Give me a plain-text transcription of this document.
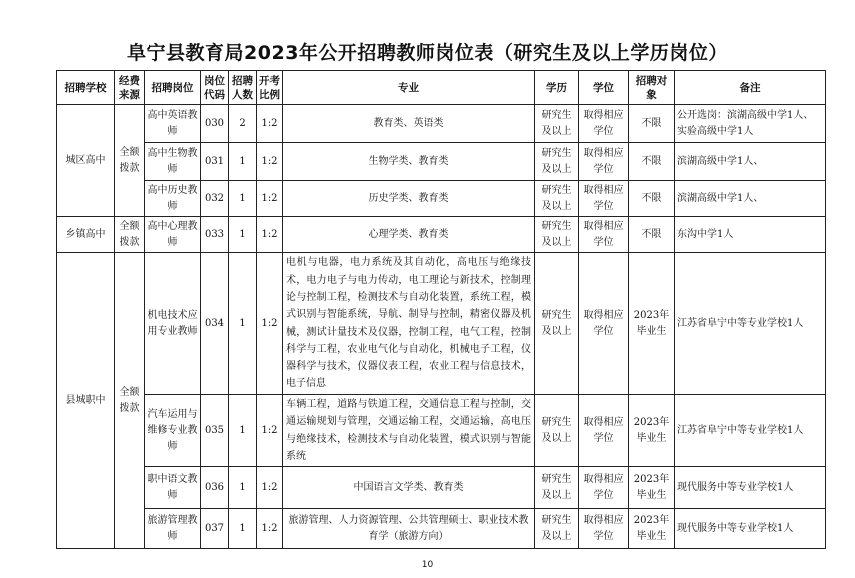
阜宁县教育局2023年公开招聘教师岗位表（研究生及以上学历岗位）
招聘学校	经费来源	招聘岗位	岗位代码	招聘人数	开考比例	专业	学历	学位	招聘对象	备注
城区高中	全额拨款	高中英语教师	030	2	1:2	教育类、英语类	研究生及以上	取得相应学位	不限	公开选岗：滨湖高级中学1人、实验高级中学1人
		高中生物教师	031	1	1:2	生物学类、教育类	研究生及以上	取得相应学位	不限	滨湖高级中学1人、
		高中历史教师	032	1	1:2	历史学类、教育类	研究生及以上	取得相应学位	不限	滨湖高级中学1人、
乡镇高中	全额拨款	高中心理教师	033	1	1:2	心理学类、教育类	研究生及以上	取得相应学位	不限	东沟中学1人
县城职中	全额拨款	机电技术应用专业教师	034	1	1:2	电机与电器，电力系统及其自动化，高电压与绝缘技术，电力电子与电力传动，电工理论与新技术，控制理论与控制工程，检测技术与自动化装置，系统工程，模式识别与智能系统，导航、制导与控制，精密仪器及机械，测试计量技术及仪器，控制工程，电气工程，控制科学与工程，农业电气化与自动化，机械电子工程，仪器科学与技术，仪器仪表工程，农业工程与信息技术，电子信息	研究生及以上	取得相应学位	2023年毕业生	江苏省阜宁中等专业学校1人
		汽车运用与维修专业教师	035	1	1:2	车辆工程，道路与铁道工程，交通信息工程与控制，交通运输规划与管理，交通运输工程，交通运输，高电压与绝缘技术，检测技术与自动化装置，模式识别与智能系统	研究生及以上	取得相应学位	2023年毕业生	江苏省阜宁中等专业学校1人
		职中语文教师	036	1	1:2	中国语言文学类、教育类	研究生及以上	取得相应学位	2023年毕业生	现代服务中等专业学校1人
		旅游管理教师	037	1	1:2	旅游管理、人力资源管理、公共管理硕士、职业技术教育学（旅游方向）	研究生及以上	取得相应学位	2023年毕业生	现代服务中等专业学校1人
10
